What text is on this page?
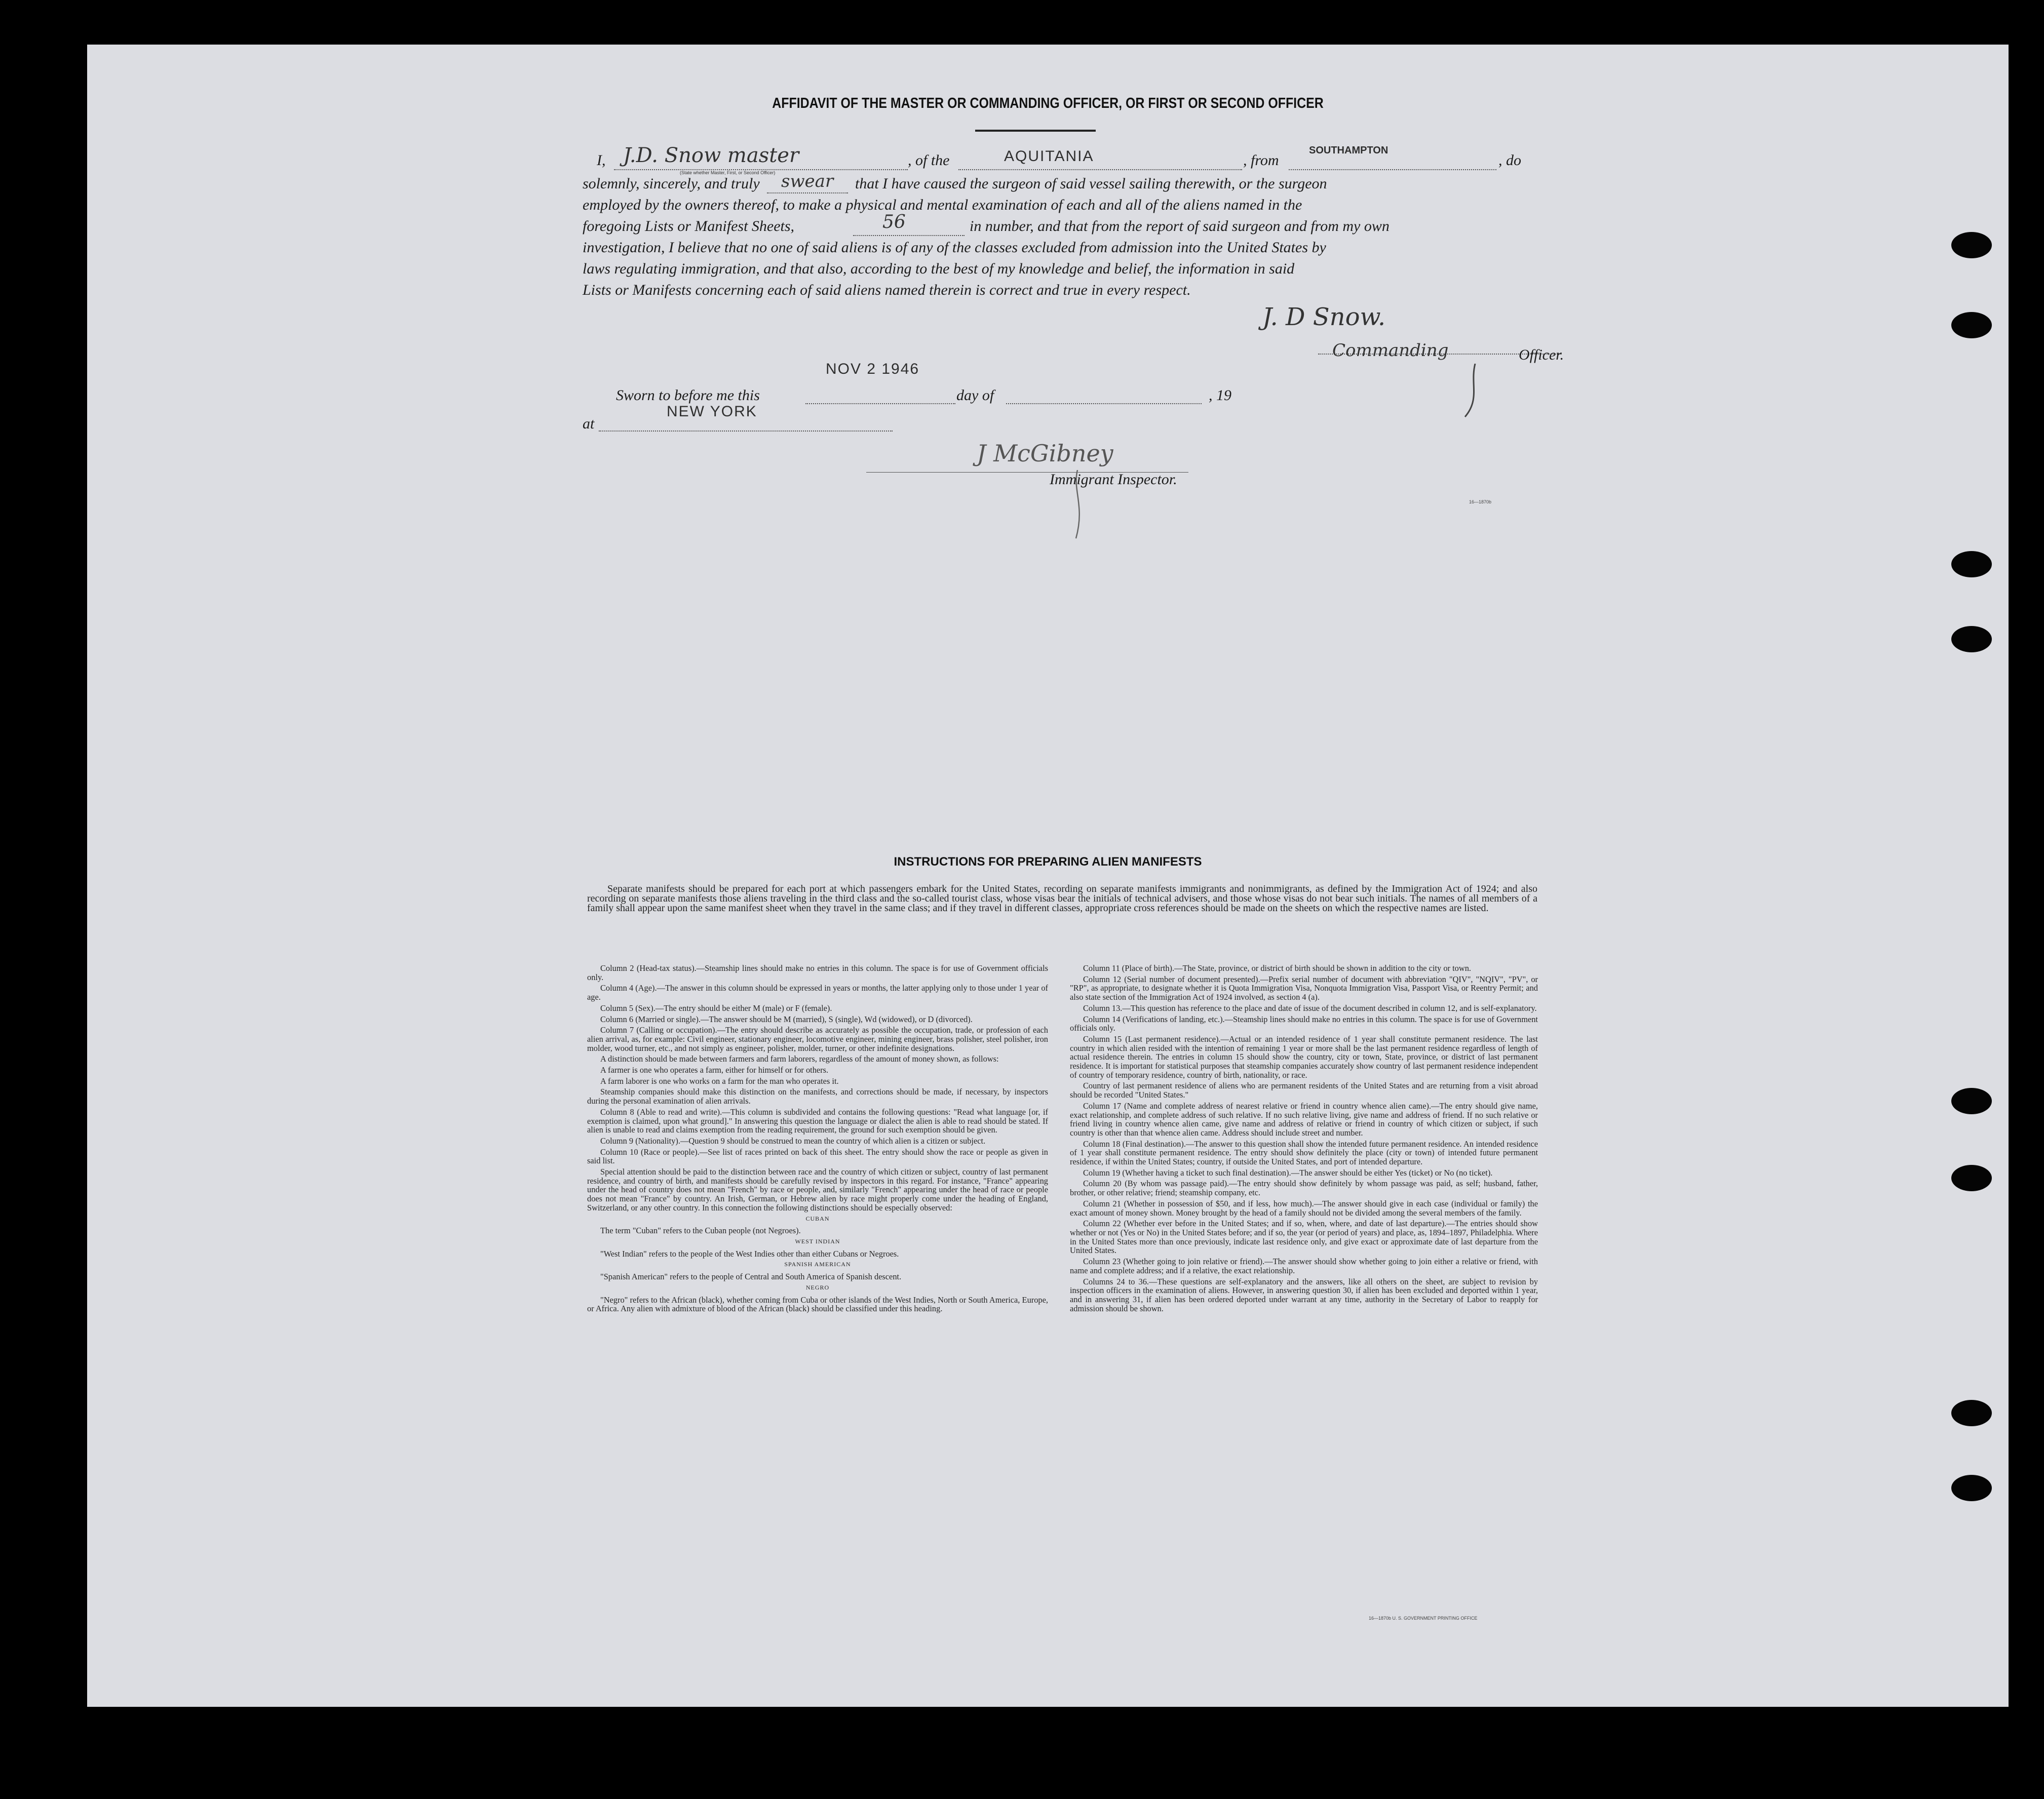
AFFIDAVIT OF THE MASTER OR COMMANDING OFFICER, OR FIRST OR SECOND OFFICER
I, J.D. Snow master
(State whether Master, First, or Second Officer)
, of the	AQUITANIA	, from
SOUTHAMPTON
, do
solemnly, sincerely, and truly swear that I have caused the surgeon of said vessel sailing therewith, or the surgeon
employed by the owners thereof, to make a physical and mental examination of each and all of the aliens named in the
foregoing Lists or Manifest Sheets,	56	in number, and that from the report of said surgeon and from my own
investigation, I believe that no one of said aliens is of any of the classes excluded from admission into the United States by
laws regulating immigration, and that also, according to the best of my knowledge and belief, the information in said
Lists or Manifests concerning each of said aliens named therein is correct and true in every respect.
J. D Snow.
Commanding	Officer.
Sworn to before me this
NOV 2 1946
day of	, 19
at
NEW YORK
J McGibney
Immigrant Inspector.
16—1870b
INSTRUCTIONS FOR PREPARING ALIEN MANIFESTS
Separate manifests should be prepared for each port at which passengers embark for the United States, recording on separate manifests immigrants and nonimmigrants, as defined by the Immigration Act of 1924; and also recording on separate manifests those aliens traveling in the third class and the so-called tourist class, whose visas bear the initials of technical advisers, and those whose visas do not bear such initials. The names of all members of a family shall appear upon the same manifest sheet when they travel in the same class; and if they travel in different classes, appropriate cross references should be made on the sheets on which the respective names are listed.

Column 2 (Head-tax status).—Steamship lines should make no entries in this column. The space is for use of Government officials only.

Column 4 (Age).—The answer in this column should be expressed in years or months, the latter applying only to those under 1 year of age.

Column 5 (Sex).—The entry should be either M (male) or F (female).

Column 6 (Married or single).—The answer should be M (married), S (single), Wd (widowed), or D (divorced).

Column 7 (Calling or occupation).—The entry should describe as accurately as possible the occupation, trade, or profession of each alien arrival, as, for example: Civil engineer, stationary engineer, locomotive engineer, mining engineer, brass polisher, steel polisher, iron molder, wood turner, etc., and not simply as engineer, polisher, molder, turner, or other indefinite designations.

A distinction should be made between farmers and farm laborers, regardless of the amount of money shown, as follows:

A farmer is one who operates a farm, either for himself or for others.

A farm laborer is one who works on a farm for the man who operates it.

Steamship companies should make this distinction on the manifests, and corrections should be made, if necessary, by inspectors during the personal examination of alien arrivals.

Column 8 (Able to read and write).—This column is subdivided and contains the following questions: "Read what language [or, if exemption is claimed, upon what ground]." In answering this question the language or dialect the alien is able to read should be stated. If alien is unable to read and claims exemption from the reading requirement, the ground for such exemption should be given.

Column 9 (Nationality).—Question 9 should be construed to mean the country of which alien is a citizen or subject.

Column 10 (Race or people).—See list of races printed on back of this sheet. The entry should show the race or people as given in said list.

Special attention should be paid to the distinction between race and the country of which citizen or subject, country of last permanent residence, and country of birth, and manifests should be carefully revised by inspectors in this regard. For instance, "France" appearing under the head of country does not mean "French" by race or people, and, similarly "French" appearing under the head of race or people does not mean "France" by country. An Irish, German, or Hebrew alien by race might properly come under the heading of England, Switzerland, or any other country. In this connection the following distinctions should be especially observed:

CUBAN

The term "Cuban" refers to the Cuban people (not Negroes).

WEST INDIAN

"West Indian" refers to the people of the West Indies other than either Cubans or Negroes.

SPANISH AMERICAN

"Spanish American" refers to the people of Central and South America of Spanish descent.

NEGRO

"Negro" refers to the African (black), whether coming from Cuba or other islands of the West Indies, North or South America, Europe, or Africa. Any alien with admixture of blood of the African (black) should be classified under this heading.

Column 11 (Place of birth).—The State, province, or district of birth should be shown in addition to the city or town.

Column 12 (Serial number of document presented).—Prefix serial number of document with abbreviation "QIV", "NQIV", "PV", or "RP", as appropriate, to designate whether it is Quota Immigration Visa, Nonquota Immigration Visa, Passport Visa, or Reentry Permit; and also state section of the Immigration Act of 1924 involved, as section 4 (a).

Column 13.—This question has reference to the place and date of issue of the document described in column 12, and is self-explanatory.

Column 14 (Verifications of landing, etc.).—Steamship lines should make no entries in this column. The space is for use of Government officials only.

Column 15 (Last permanent residence).—Actual or an intended residence of 1 year shall constitute permanent residence. The last country in which alien resided with the intention of remaining 1 year or more shall be the last permanent residence regardless of length of actual residence therein. The entries in column 15 should show the country, city or town, State, province, or district of last permanent residence. It is important for statistical purposes that steamship companies accurately show country of last permanent residence independent of country of temporary residence, country of birth, nationality, or race.

Country of last permanent residence of aliens who are permanent residents of the United States and are returning from a visit abroad should be recorded "United States."

Column 17 (Name and complete address of nearest relative or friend in country whence alien came).—The entry should give name, exact relationship, and complete address of such relative. If no such relative living, give name and address of friend. If no such relative or friend living in country whence alien came, give name and address of relative or friend in country of which citizen or subject, if such country is other than that whence alien came. Address should include street and number.

Column 18 (Final destination).—The answer to this question shall show the intended future permanent residence. An intended residence of 1 year shall constitute permanent residence. The entry should show definitely the place (city or town) of intended future permanent residence, if within the United States; country, if outside the United States, and port of intended departure.

Column 19 (Whether having a ticket to such final destination).—The answer should be either Yes (ticket) or No (no ticket).

Column 20 (By whom was passage paid).—The entry should show definitely by whom passage was paid, as self; husband, father, brother, or other relative; friend; steamship company, etc.

Column 21 (Whether in possession of $50, and if less, how much).—The answer should give in each case (individual or family) the exact amount of money shown. Money brought by the head of a family should not be divided among the several members of the family.

Column 22 (Whether ever before in the United States; and if so, when, where, and date of last departure).—The entries should show whether or not (Yes or No) in the United States before; and if so, the year (or period of years) and place, as, 1894–1897, Philadelphia. Where in the United States more than once previously, indicate last residence only, and give exact or approximate date of last departure from the United States.

Column 23 (Whether going to join relative or friend).—The answer should show whether going to join either a relative or friend, with name and complete address; and if a relative, the exact relationship.

Columns 24 to 36.—These questions are self-explanatory and the answers, like all others on the sheet, are subject to revision by inspection officers in the examination of aliens. However, in answering question 30, if alien has been excluded and deported within 1 year, and in answering 31, if alien has been ordered deported under warrant at any time, authority in the Secretary of Labor to reapply for admission should be shown.

16—1870b U. S. GOVERNMENT PRINTING OFFICE
